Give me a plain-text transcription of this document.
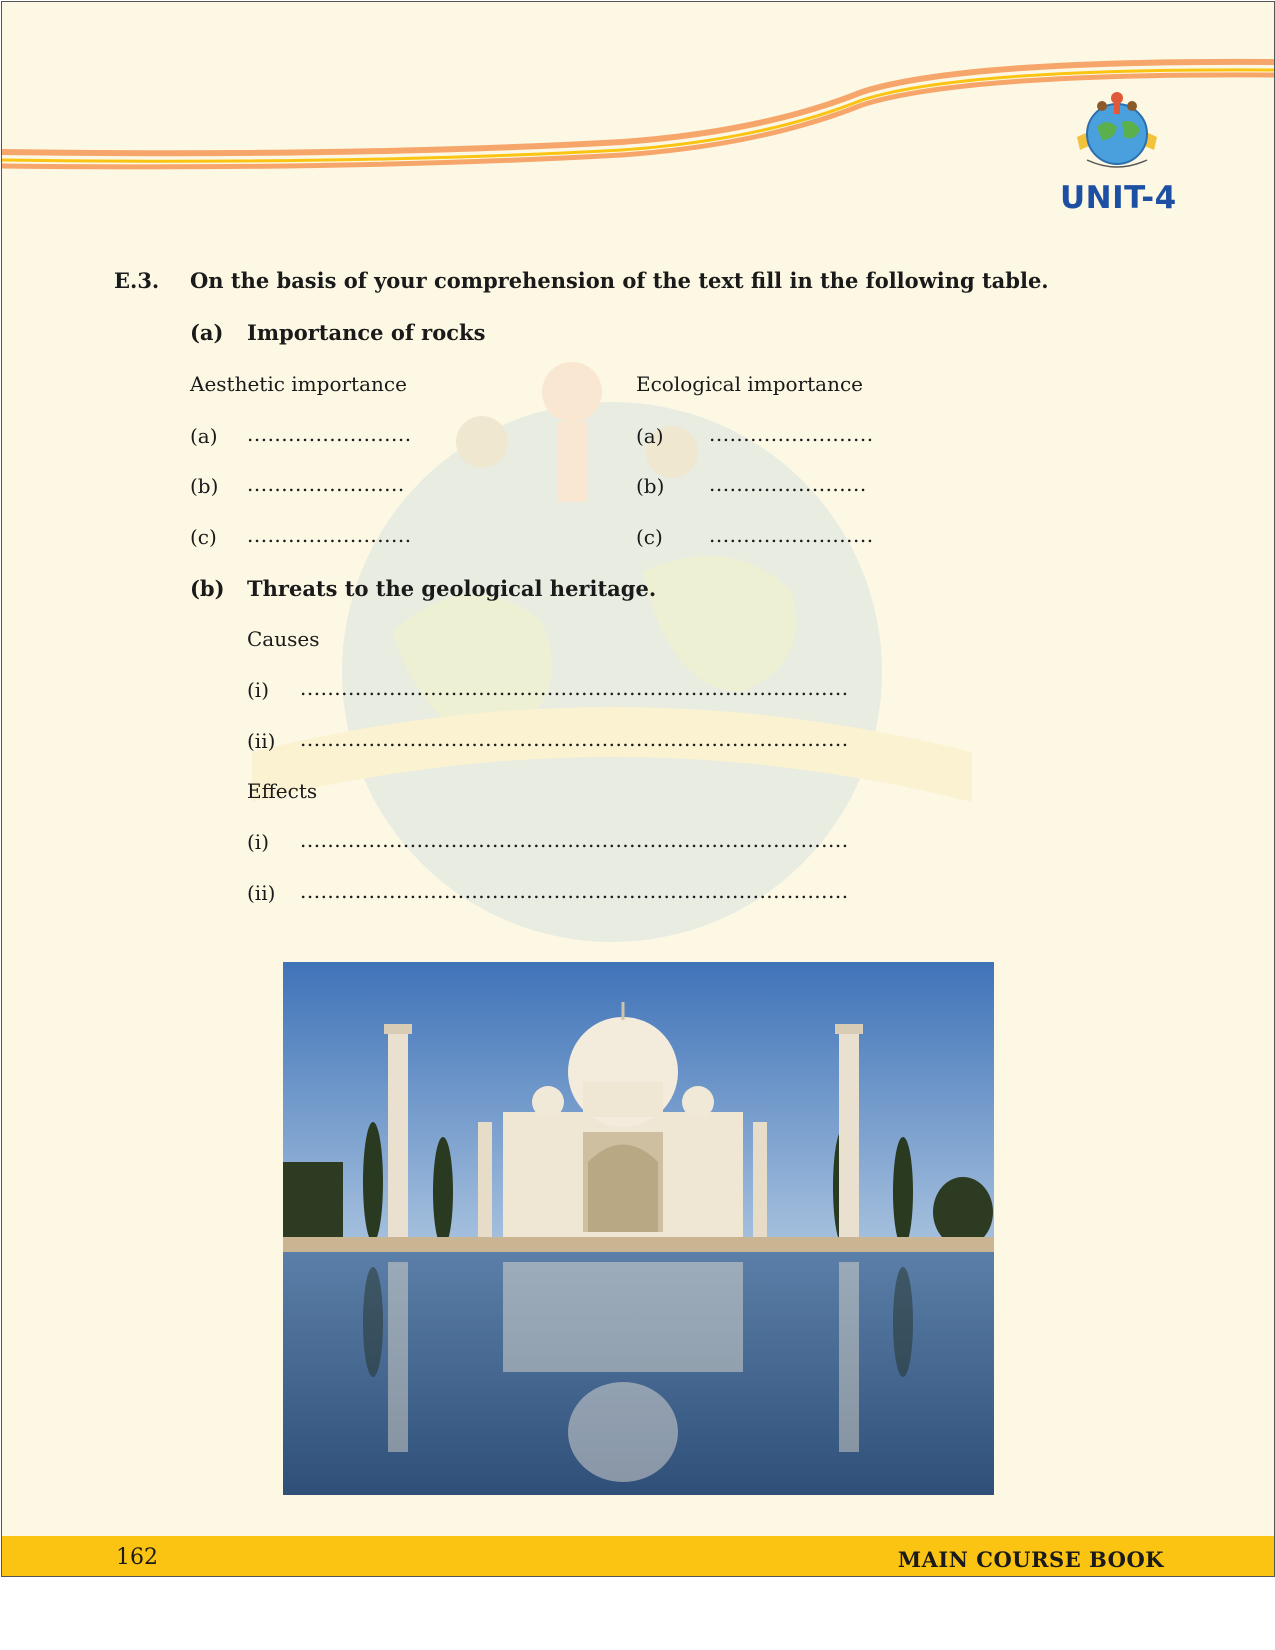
UNIT-4
E.3. On the basis of your comprehension of the text fill in the following table.
(a) Importance of rocks
Aesthetic importance	Ecological importance
(a) ........................
(b) .......................
(c) ........................
(a) ........................
(b) .......................
(c) ........................
(b) Threats to the geological heritage.
Causes
(i) ................................................................................
(ii) ................................................................................
Effects
(i) ................................................................................
(ii) ................................................................................
162	MAIN COURSE BOOK
